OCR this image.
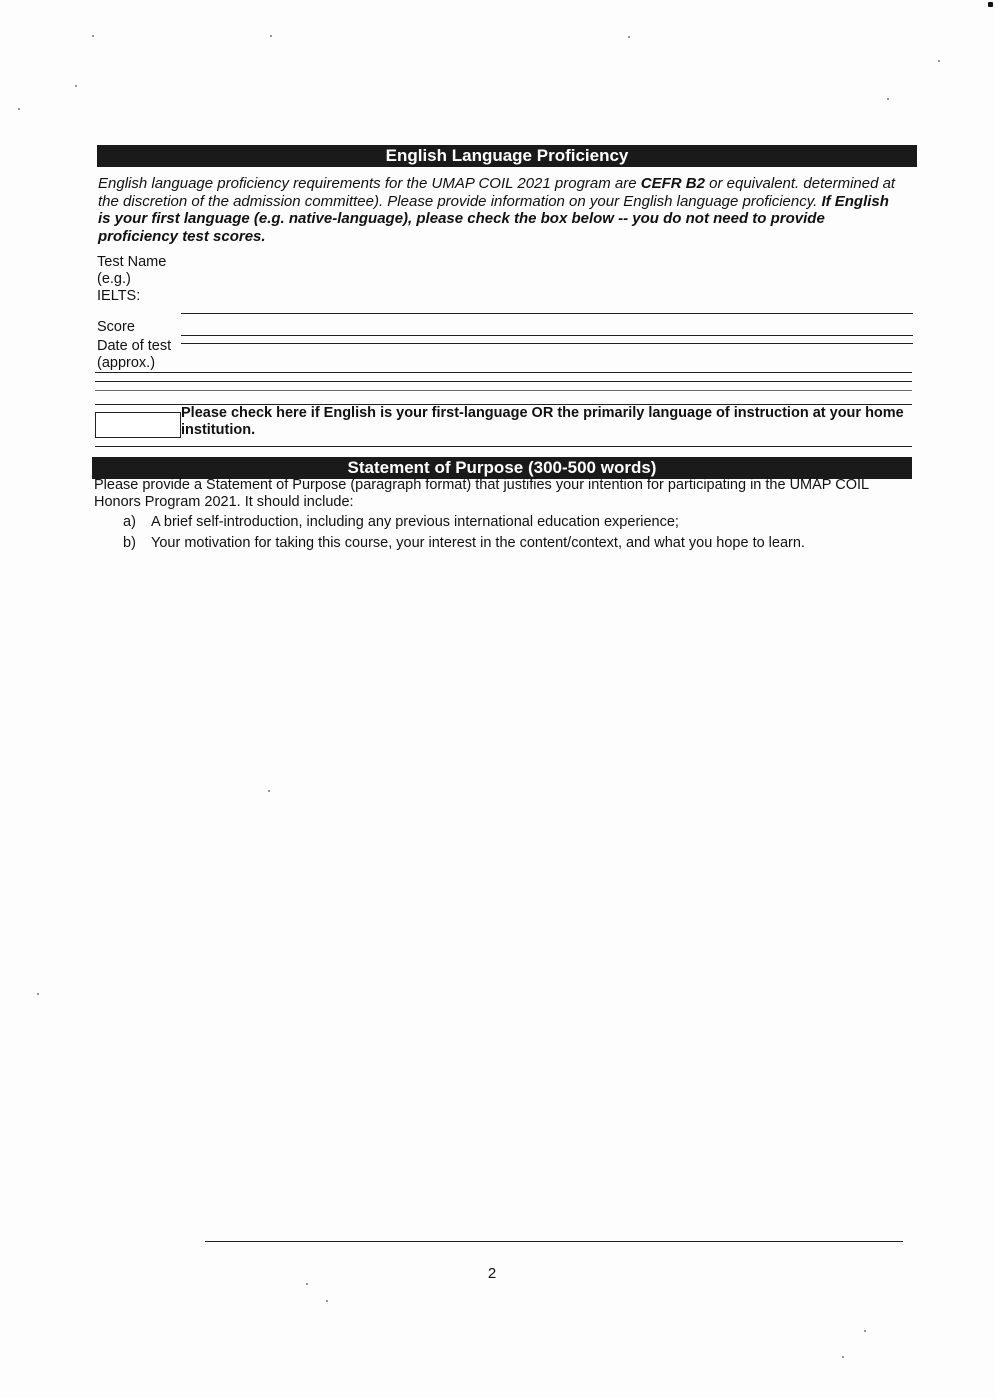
English Language Proficiency
English language proficiency requirements for the UMAP COIL 2021 program are CEFR B2 or equivalent. determined at the discretion of the admission committee). Please provide information on your English language proficiency. If English is your first language (e.g. native-language), please check the box below -- you do not need to provide proficiency test scores.
Test Name (e.g.) IELTS:
Score
Date of test (approx.)
Please check here if English is your first-language OR the primarily language of instruction at your home institution.
Statement of Purpose (300-500 words)
Please provide a Statement of Purpose (paragraph format) that justifies your intention for participating in the UMAP COIL Honors Program 2021. It should include:
a) A brief self-introduction, including any previous international education experience;
b) Your motivation for taking this course, your interest in the content/context, and what you hope to learn.
2
